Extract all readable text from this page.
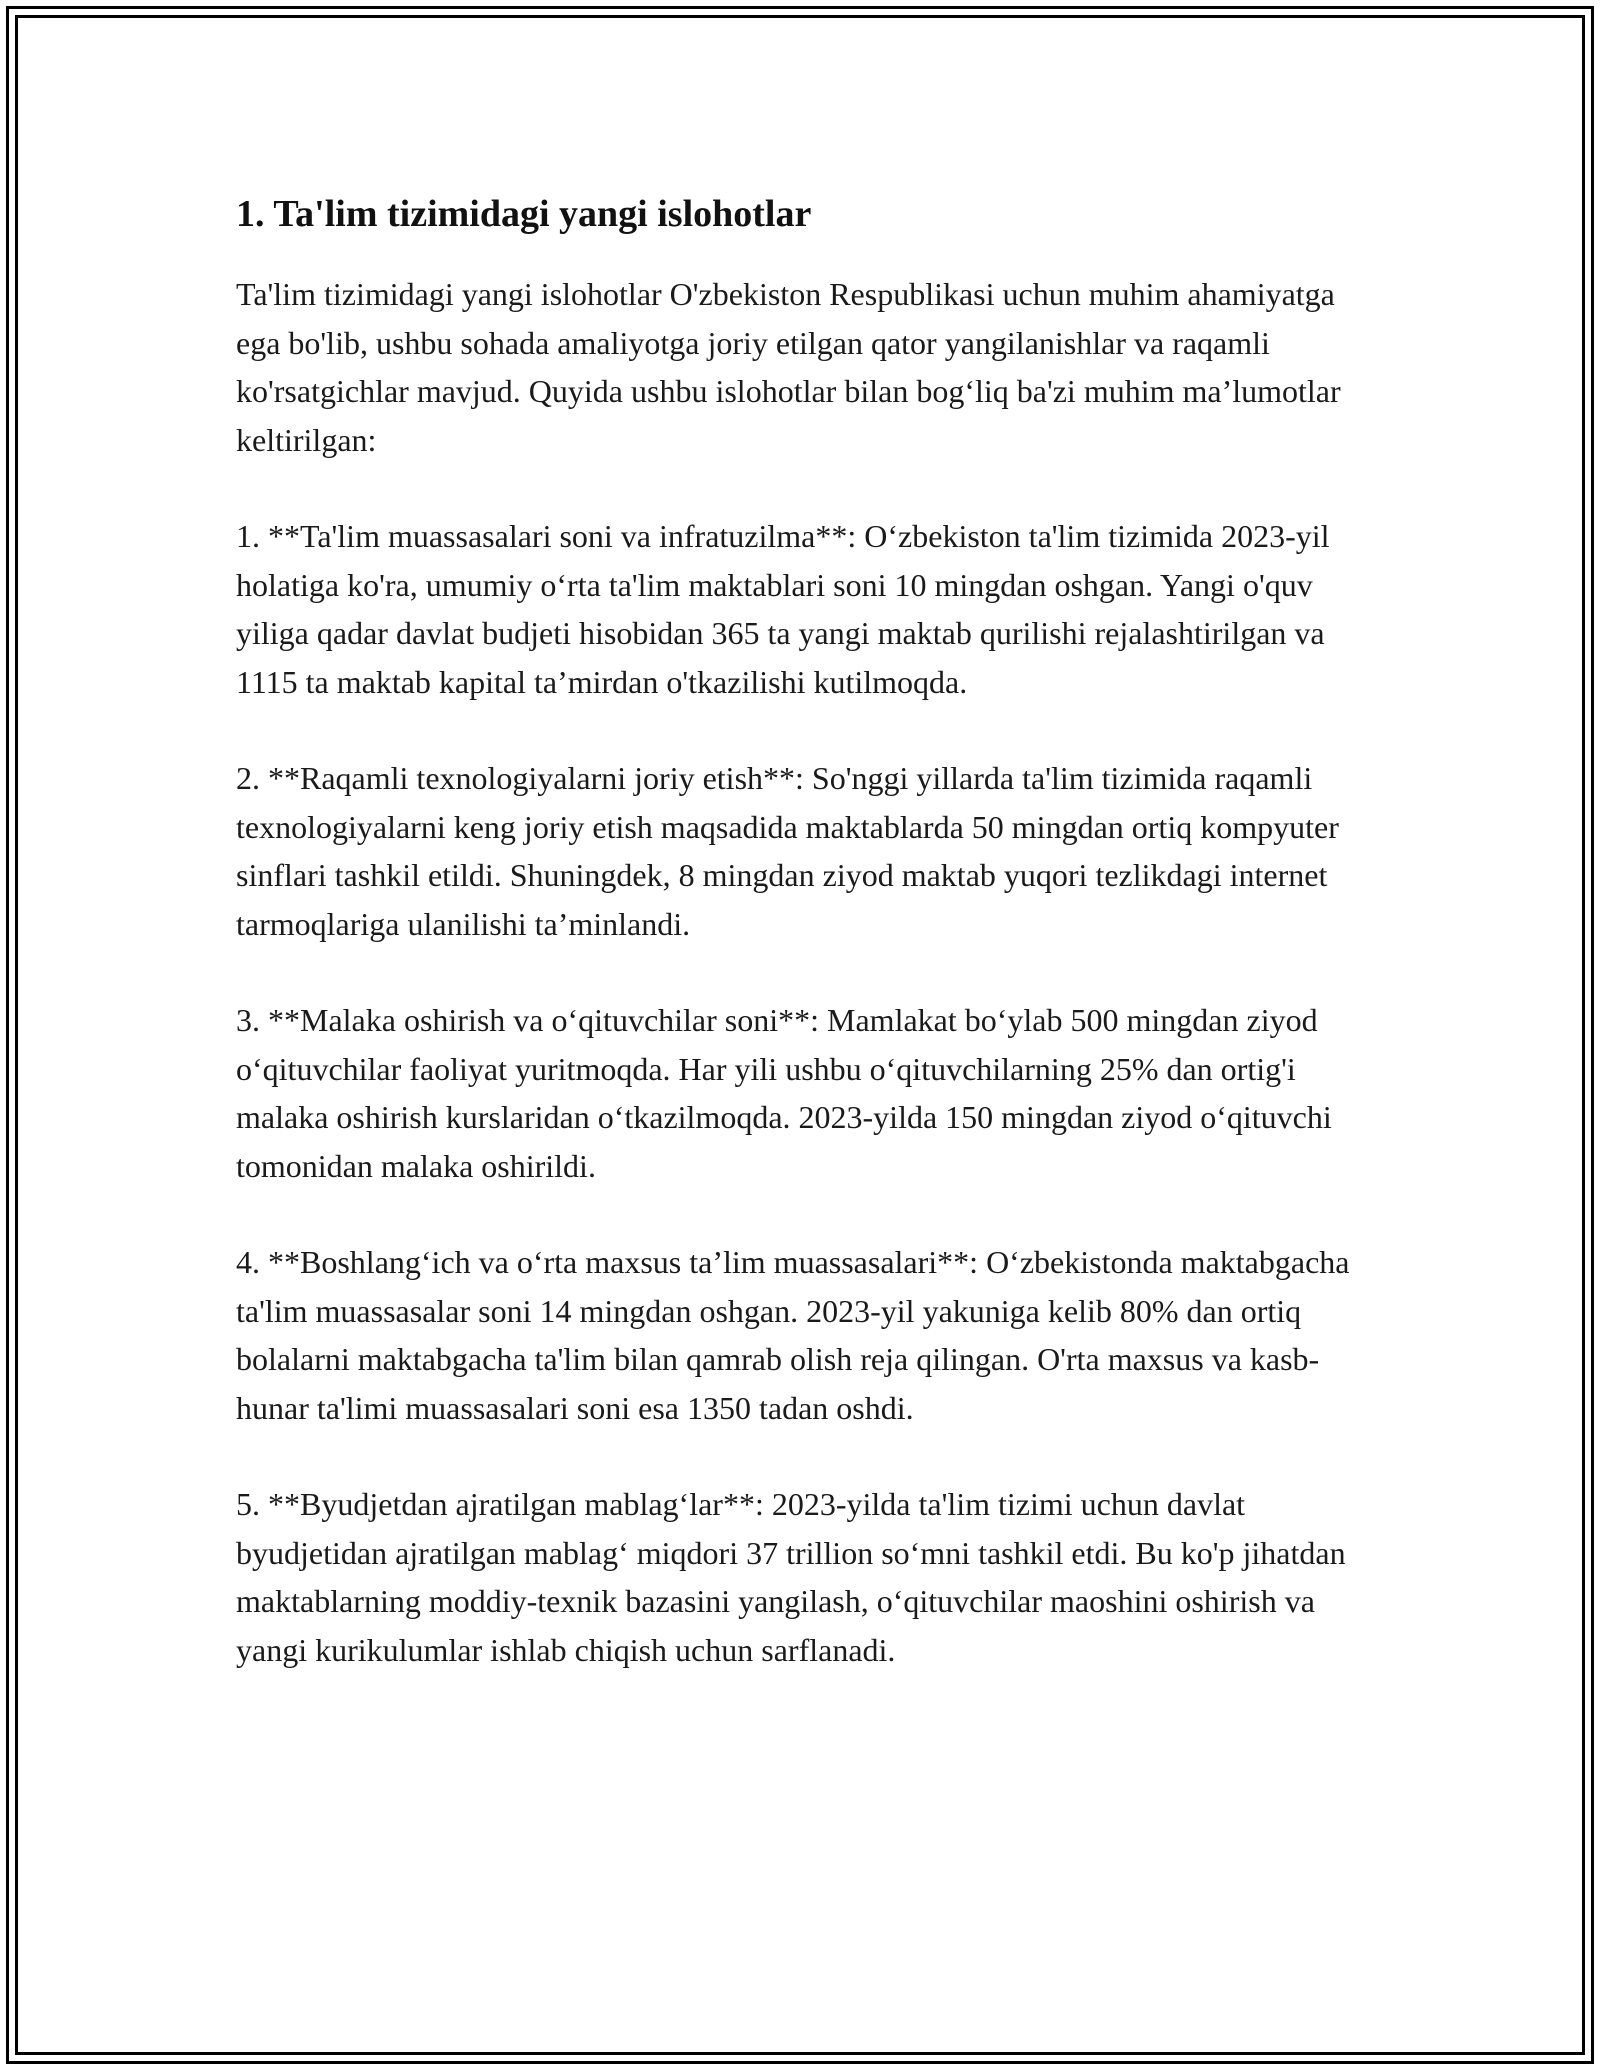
1. Ta'lim tizimidagi yangi islohotlar

Ta'lim tizimidagi yangi islohotlar O'zbekiston Respublikasi uchun muhim ahamiyatga ega bo'lib, ushbu sohada amaliyotga joriy etilgan qator yangilanishlar va raqamli ko'rsatgichlar mavjud. Quyida ushbu islohotlar bilan bog‘liq ba'zi muhim ma’lumotlar keltirilgan:

1. **Ta'lim muassasalari soni va infratuzilma**: O‘zbekiston ta'lim tizimida 2023-yil holatiga ko'ra, umumiy o‘rta ta'lim maktablari soni 10 mingdan oshgan. Yangi o'quv yiliga qadar davlat budjeti hisobidan 365 ta yangi maktab qurilishi rejalashtirilgan va 1115 ta maktab kapital ta’mirdan o'tkazilishi kutilmoqda.

2. **Raqamli texnologiyalarni joriy etish**: So'nggi yillarda ta'lim tizimida raqamli texnologiyalarni keng joriy etish maqsadida maktablarda 50 mingdan ortiq kompyuter sinflari tashkil etildi. Shuningdek, 8 mingdan ziyod maktab yuqori tezlikdagi internet tarmoqlariga ulanilishi ta’minlandi.

3. **Malaka oshirish va o‘qituvchilar soni**: Mamlakat bo‘ylab 500 mingdan ziyod o‘qituvchilar faoliyat yuritmoqda. Har yili ushbu o‘qituvchilarning 25% dan ortig'i malaka oshirish kurslaridan o‘tkazilmoqda. 2023-yilda 150 mingdan ziyod o‘qituvchi tomonidan malaka oshirildi.

4. **Boshlang‘ich va o‘rta maxsus ta’lim muassasalari**: O‘zbekistonda maktabgacha ta'lim muassasalar soni 14 mingdan oshgan. 2023-yil yakuniga kelib 80% dan ortiq bolalarni maktabgacha ta'lim bilan qamrab olish reja qilingan. O'rta maxsus va kasb-hunar ta'limi muassasalari soni esa 1350 tadan oshdi.

5. **Byudjetdan ajratilgan mablag‘lar**: 2023-yilda ta'lim tizimi uchun davlat byudjetidan ajratilgan mablag‘ miqdori 37 trillion so‘mni tashkil etdi. Bu ko'p jihatdan maktablarning moddiy-texnik bazasini yangilash, o‘qituvchilar maoshini oshirish va yangi kurikulumlar ishlab chiqish uchun sarflanadi.
